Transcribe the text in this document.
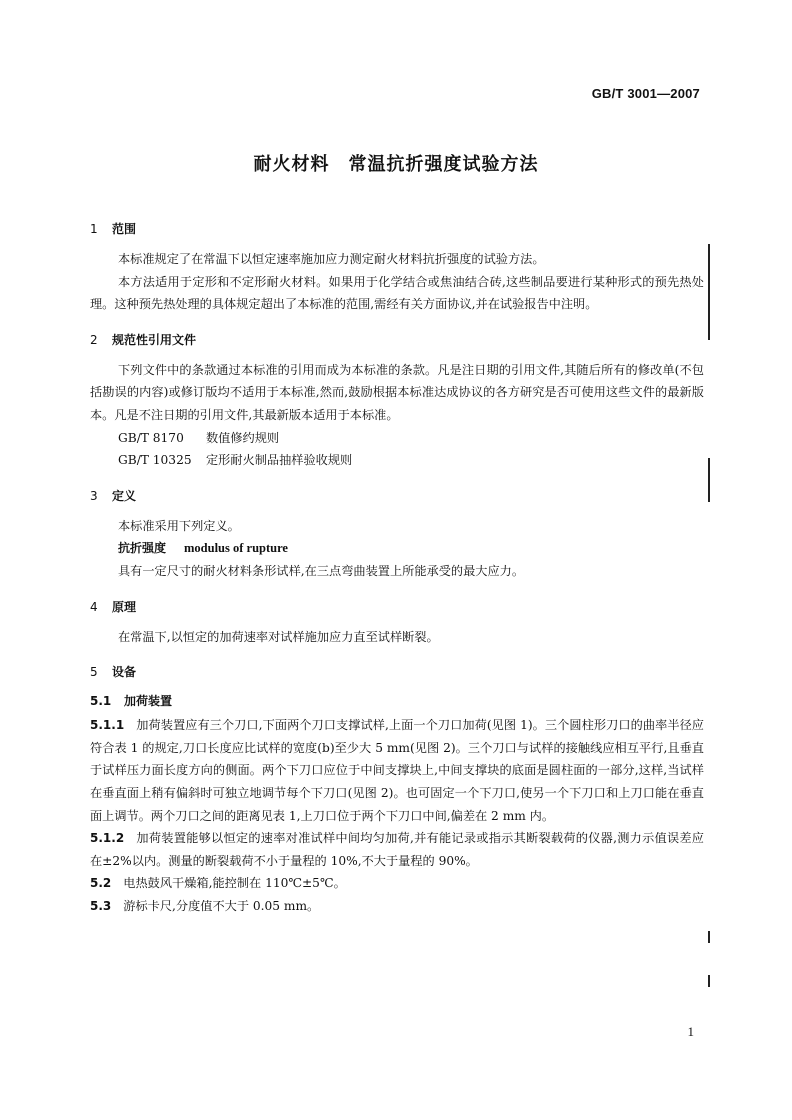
GB/T 3001—2007
耐火材料　常温抗折强度试验方法
1 范围

本标准规定了在常温下以恒定速率施加应力测定耐火材料抗折强度的试验方法。

本方法适用于定形和不定形耐火材料。如果用于化学结合或焦油结合砖,这些制品要进行某种形式的预先热处理。这种预先热处理的具体规定超出了本标准的范围,需经有关方面协议,并在试验报告中注明。

2 规范性引用文件

下列文件中的条款通过本标准的引用而成为本标准的条款。凡是注日期的引用文件,其随后所有的修改单(不包括勘误的内容)或修订版均不适用于本标准,然而,鼓励根据本标准达成协议的各方研究是否可使用这些文件的最新版本。凡是不注日期的引用文件,其最新版本适用于本标准。

GB/T 8170 数值修约规则

GB/T 10325 定形耐火制品抽样验收规则

3 定义

本标准采用下列定义。

抗折强度 modulus of rupture

具有一定尺寸的耐火材料条形试样,在三点弯曲装置上所能承受的最大应力。

4 原理

在常温下,以恒定的加荷速率对试样施加应力直至试样断裂。

5 设备
5.1 加荷装置

5.1.1 加荷装置应有三个刀口,下面两个刀口支撑试样,上面一个刀口加荷(见图 1)。三个圆柱形刀口的曲率半径应符合表 1 的规定,刀口长度应比试样的宽度(b)至少大 5 mm(见图 2)。三个刀口与试样的接触线应相互平行,且垂直于试样压力面长度方向的侧面。两个下刀口应位于中间支撑块上,中间支撑块的底面是圆柱面的一部分,这样,当试样在垂直面上稍有偏斜时可独立地调节每个下刀口(见图 2)。也可固定一个下刀口,使另一个下刀口和上刀口能在垂直面上调节。两个刀口之间的距离见表 1,上刀口位于两个下刀口中间,偏差在 2 mm 内。

5.1.2 加荷装置能够以恒定的速率对准试样中间均匀加荷,并有能记录或指示其断裂载荷的仪器,测力示值误差应在±2%以内。测量的断裂载荷不小于量程的 10%,不大于量程的 90%。

5.2 电热鼓风干燥箱,能控制在 110℃±5℃。

5.3 游标卡尺,分度值不大于 0.05 mm。

1
